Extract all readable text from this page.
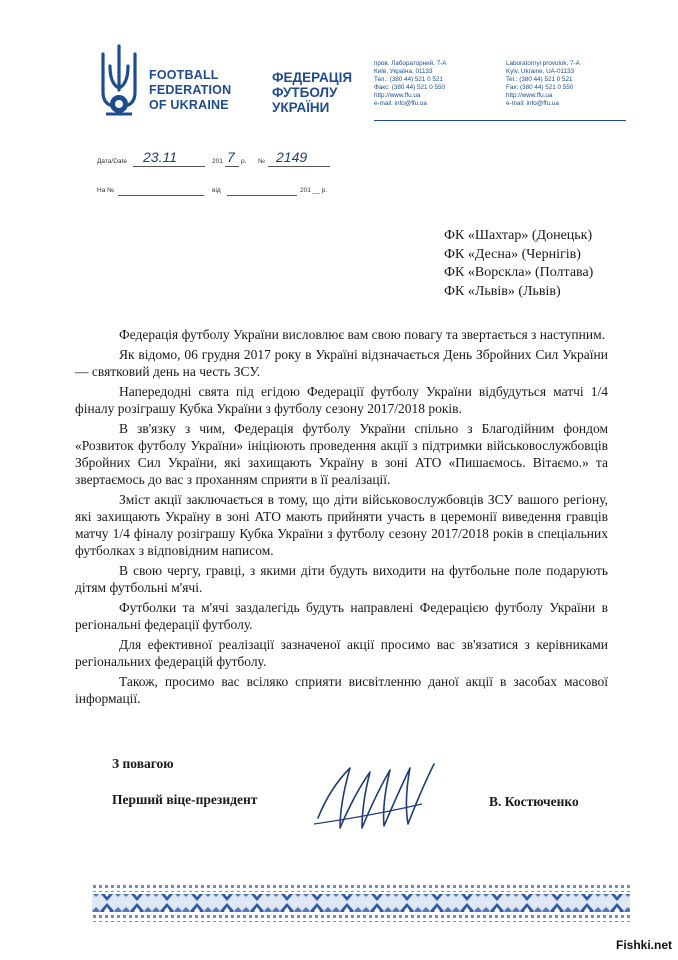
FOOTBALL
FEDERATION
OF UKRAINE
ФЕДЕРАЦІЯ
ФУТБОЛУ
УКРАЇНИ
пров. Лабораторний, 7-А
Київ, Україна, 01133
Тел.: (380 44) 521 0 521
Факс: (380 44) 521 0 550
http://www.ffu.ua
e-mail: info@ffu.ua
Laboratornyi provulok, 7-A
Kyiv, Ukraine, UA-01133
Tel.: (380 44) 521 0 521
Fax: (380 44) 521 0 550
http://www.ffu.ua
e-mail: info@ffu.ua
Дата/Date 23.11	201 7 р. № 2149
На №	від	201 __ р.
ФК «Шахтар» (Донецьк)
ФК «Десна» (Чернігів)
ФК «Ворскла» (Полтава)
ФК «Львів» (Львів)

Федерація футболу України висловлює вам свою повагу та звертається з наступним.

Як відомо, 06 грудня 2017 року в Україні відзначається День Збройних Сил України — святковий день на честь ЗСУ.

Напередодні свята під егідою Федерації футболу України відбудуться матчі 1/4 фіналу розіграшу Кубка України з футболу сезону 2017/2018 років.

В зв'язку з чим, Федерація футболу України спільно з Благодійним фондом «Розвиток футболу України» ініціюють проведення акції з підтримки військовослужбовців Збройних Сил України, які захищають Україну в зоні АТО «Пишаємось. Вітаємо.» та звертаємось до вас з проханням сприяти в її реалізації.

Зміст акції заключається в тому, що діти військовослужбовців ЗСУ вашого регіону, які захищають Україну в зоні АТО мають прийняти участь в церемонії виведення гравців матчу 1/4 фіналу розіграшу Кубка України з футболу сезону 2017/2018 років в спеціальних футболках з відповідним написом.

В свою чергу, гравці, з якими діти будуть виходити на футбольне поле подарують дітям футбольні м'ячі.

Футболки та м'ячі заздалегідь будуть направлені Федерацією футболу України в регіональні федерації футболу.

Для ефективної реалізації зазначеної акції просимо вас зв'язатися з керівниками регіональних федерацій футболу.

Також, просимо вас всіляко сприяти висвітленню даної акції в засобах масової інформації.

З повагою
Перший віце-президент	В. Костюченко
Fishki.net
